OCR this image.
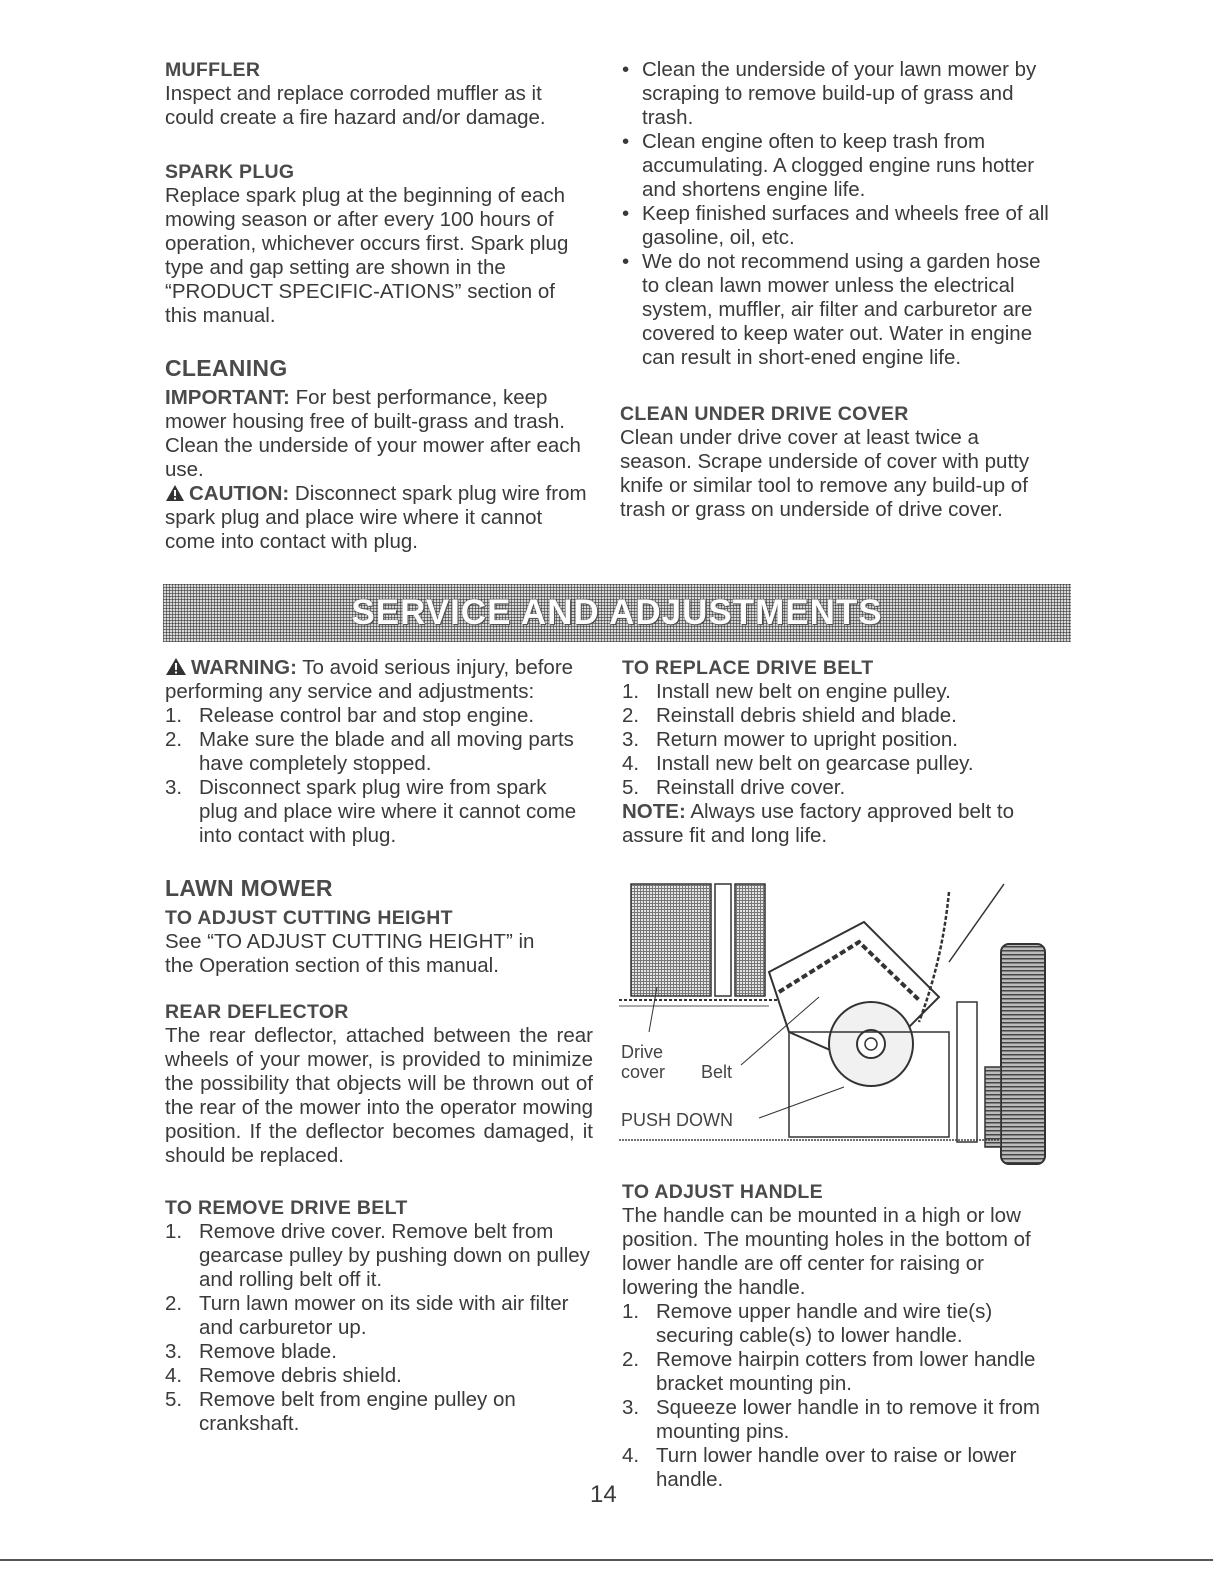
MUFFLER

Inspect and replace corroded muffler as it could create a fire hazard and/or damage.

SPARK PLUG

Replace spark plug at the beginning of each mowing season or after every 100 hours of operation, whichever occurs first. Spark plug type and gap setting are shown in the “PRODUCT SPECIFIC-ATIONS” section of this manual.

CLEANING

IMPORTANT: For best performance, keep mower housing free of built-grass and trash. Clean the underside of your mower after each use.

CAUTION: Disconnect spark plug wire from spark plug and place wire where it cannot come into contact with plug.

• Clean the underside of your lawn mower by scraping to remove build-up of grass and trash.
• Clean engine often to keep trash from accumulating. A clogged engine runs hotter and shortens engine life.
• Keep finished surfaces and wheels free of all gasoline, oil, etc.
• We do not recommend using a garden hose to clean lawn mower unless the electrical system, muffler, air filter and carburetor are covered to keep water out. Water in engine can result in short-ened engine life.
CLEAN UNDER DRIVE COVER

Clean under drive cover at least twice a season. Scrape underside of cover with putty knife or similar tool to remove any build-up of trash or grass on underside of drive cover.

SERVICE AND ADJUSTMENTS

WARNING: To avoid serious injury, before performing any service and adjustments:

1. Release control bar and stop engine.
2. Make sure the blade and all moving parts have completely stopped.
3. Disconnect spark plug wire from spark plug and place wire where it cannot come into contact with plug.
LAWN MOWER
TO ADJUST CUTTING HEIGHT

See “TO ADJUST CUTTING HEIGHT” in the Operation section of this manual.

REAR DEFLECTOR

The rear deflector, attached between the rear wheels of your mower, is provided to minimize the possibility that objects will be thrown out of the rear of the mower into the operator mowing position. If the deflector becomes damaged, it should be replaced.

TO REMOVE DRIVE BELT
1. Remove drive cover. Remove belt from gearcase pulley by pushing down on pulley and rolling belt off it.
2. Turn lawn mower on its side with air filter and carburetor up.
3. Remove blade.
4. Remove debris shield.
5. Remove belt from engine pulley on crankshaft.
TO REPLACE DRIVE BELT
1. Install new belt on engine pulley.
2. Reinstall debris shield and blade.
3. Return mower to upright position.
4. Install new belt on gearcase pulley.
5. Reinstall drive cover.

NOTE: Always use factory approved belt to assure fit and long life.

Drive
cover Belt
PUSH DOWN
TO ADJUST HANDLE

The handle can be mounted in a high or low position. The mounting holes in the bottom of lower handle are off center for raising or lowering the handle.

1. Remove upper handle and wire tie(s) securing cable(s) to lower handle.
2. Remove hairpin cotters from lower handle bracket mounting pin.
3. Squeeze lower handle in to remove it from mounting pins.
4. Turn lower handle over to raise or lower handle.
14
